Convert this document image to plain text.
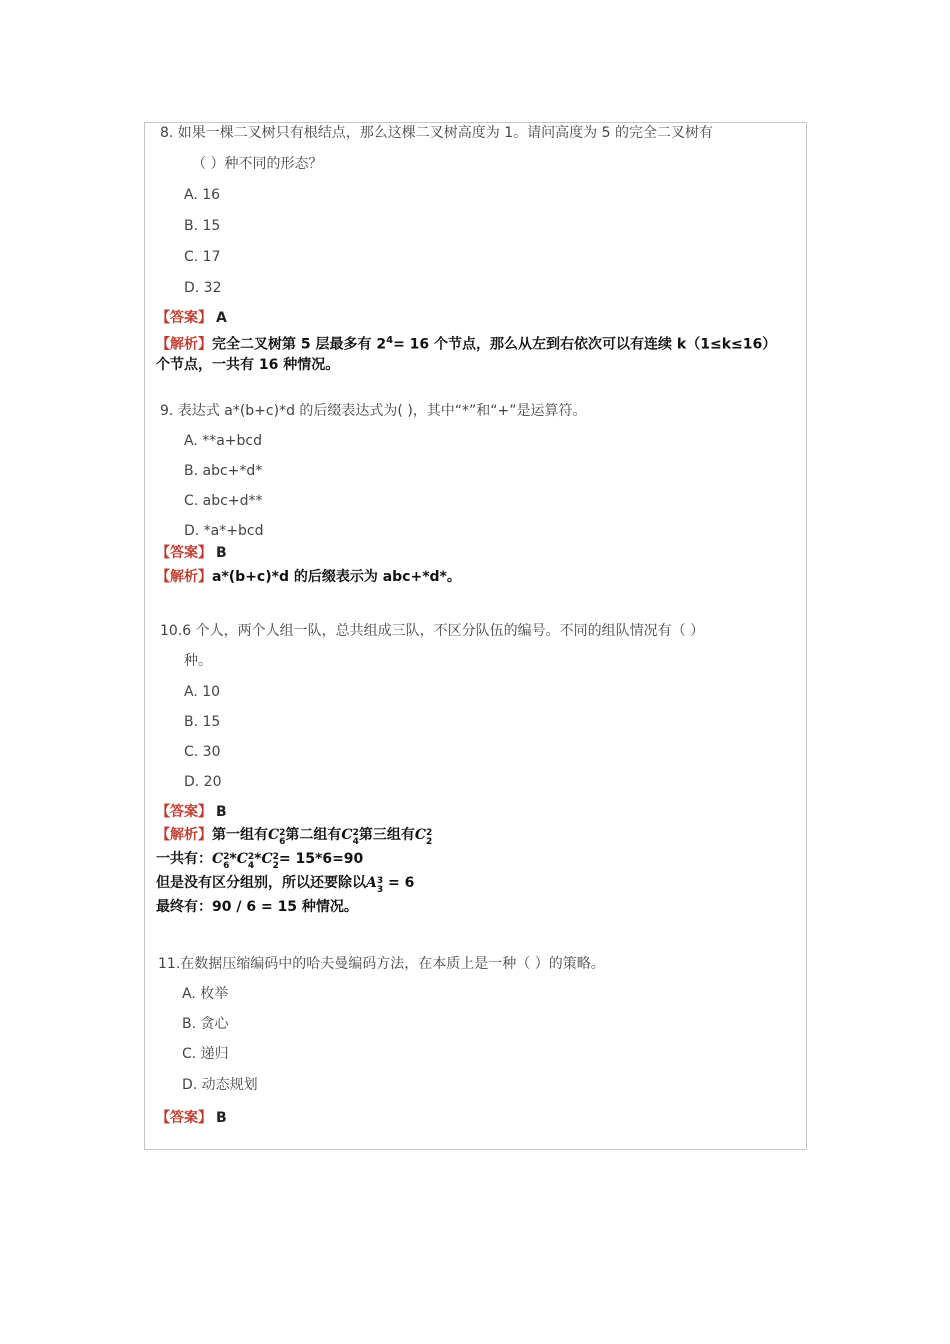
8. 如果一棵二叉树只有根结点，那么这棵二叉树高度为 1。请问高度为 5 的完全二叉树有
（ ）种不同的形态？
A. 16
B. 15
C. 17
D. 32
【答案】 A
【解析】完全二叉树第 5 层最多有 $2^4= 16$ 个节点，那么从左到右依次可以有连续 k（1≤k≤16）
个节点，一共有 16 种情况。
9. 表达式 a*(b+c)*d 的后缀表达式为( )，其中“*”和“+”是运算符。
A. **a+bcd
B. abc+*d*
C. abc+d**
D. *a*+bcd
【答案】 B
【解析】a*(b+c)*d 的后缀表示为 abc+*d*。
10.6 个人，两个人组一队，总共组成三队，不区分队伍的编号。不同的组队情况有（ ）
种。
A. 10
B. 15
C. 30
D. 20
【答案】 B
【解析】第一组有C 2
6 第二组有C 2
4 第三组有C 2
2
一共有：C 2
6 *C 2
4 *C 2
2 = 15*6=90
但是没有区分组别，所以还要除以A 3
3 = 6
最终有：90 / 6 = 15 种情况。
11.在数据压缩编码中的哈夫曼编码方法，在本质上是一种（ ）的策略。
A. 枚举
B. 贪心
C. 递归
D. 动态规划
【答案】 B
